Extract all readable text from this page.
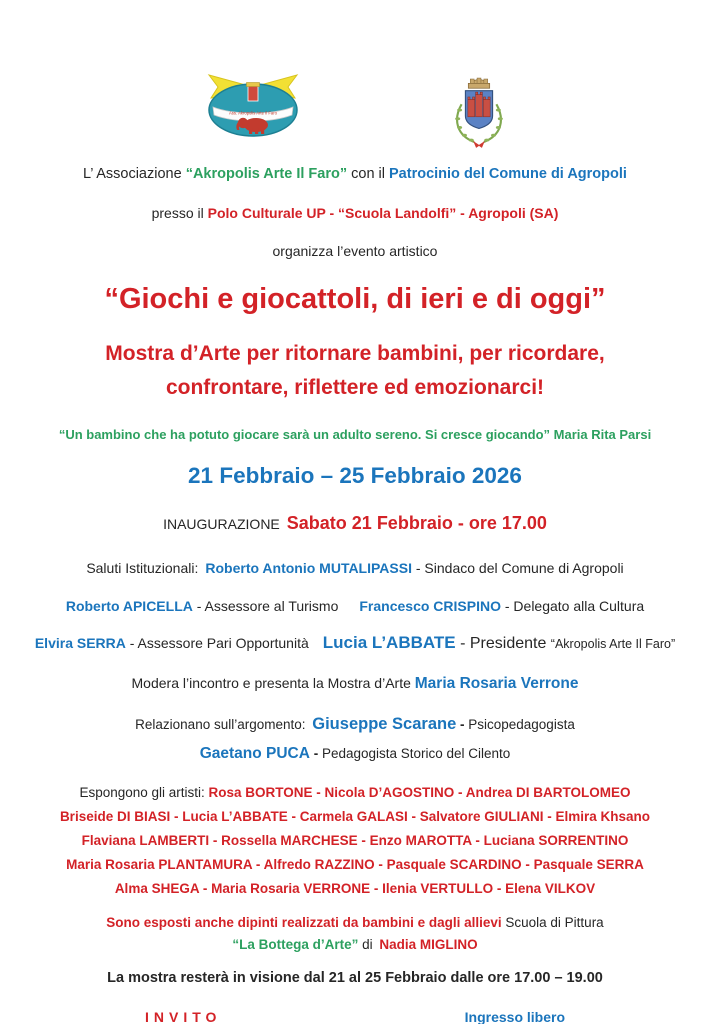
Ass. Akropolis Arte Il Faro
L’ Associazione “Akropolis Arte Il Faro” con il Patrocinio del Comune di Agropoli
presso il Polo Culturale UP - “Scuola Landolfi” - Agropoli (SA)
organizza l’evento artistico
“Giochi e giocattoli, di ieri e di oggi”
Mostra d’Arte per ritornare bambini, per ricordare,
confrontare, riflettere ed emozionarci!
“Un bambino che ha potuto giocare sarà un adulto sereno. Si cresce giocando” Maria Rita Parsi
21 Febbraio – 25 Febbraio 2026
INAUGURAZIONE Sabato 21 Febbraio - ore 17.00
Saluti Istituzionali: Roberto Antonio MUTALIPASSI - Sindaco del Comune di Agropoli
Roberto APICELLA - Assessore al Turismo  Francesco CRISPINO - Delegato alla Cultura
Elvira SERRA - Assessore Pari Opportunità Lucia L’ABBATE - Presidente “Akropolis Arte Il Faro”
Modera l’incontro e presenta la Mostra d’Arte Maria Rosaria Verrone
Relazionano sull’argomento: Giuseppe Scarane - Psicopedagogista
Gaetano PUCA - Pedagogista Storico del Cilento
Espongono gli artisti: Rosa BORTONE - Nicola D’AGOSTINO - Andrea DI BARTOLOMEO
Briseide DI BIASI - Lucia L’ABBATE - Carmela GALASI - Salvatore GIULIANI - Elmira Khsano
Flaviana LAMBERTI - Rossella MARCHESE - Enzo MAROTTA - Luciana SORRENTINO
Maria Rosaria PLANTAMURA - Alfredo RAZZINO - Pasquale SCARDINO - Pasquale SERRA
Alma SHEGA - Maria Rosaria VERRONE - Ilenia VERTULLO - Elena VILKOV
Sono esposti anche dipinti realizzati da bambini e dagli allievi Scuola di Pittura
“La Bottega d’Arte” di Nadia MIGLINO
La mostra resterà in visione dal 21 al 25 Febbraio dalle ore 17.00 – 19.00
INVITO	Ingresso libero
